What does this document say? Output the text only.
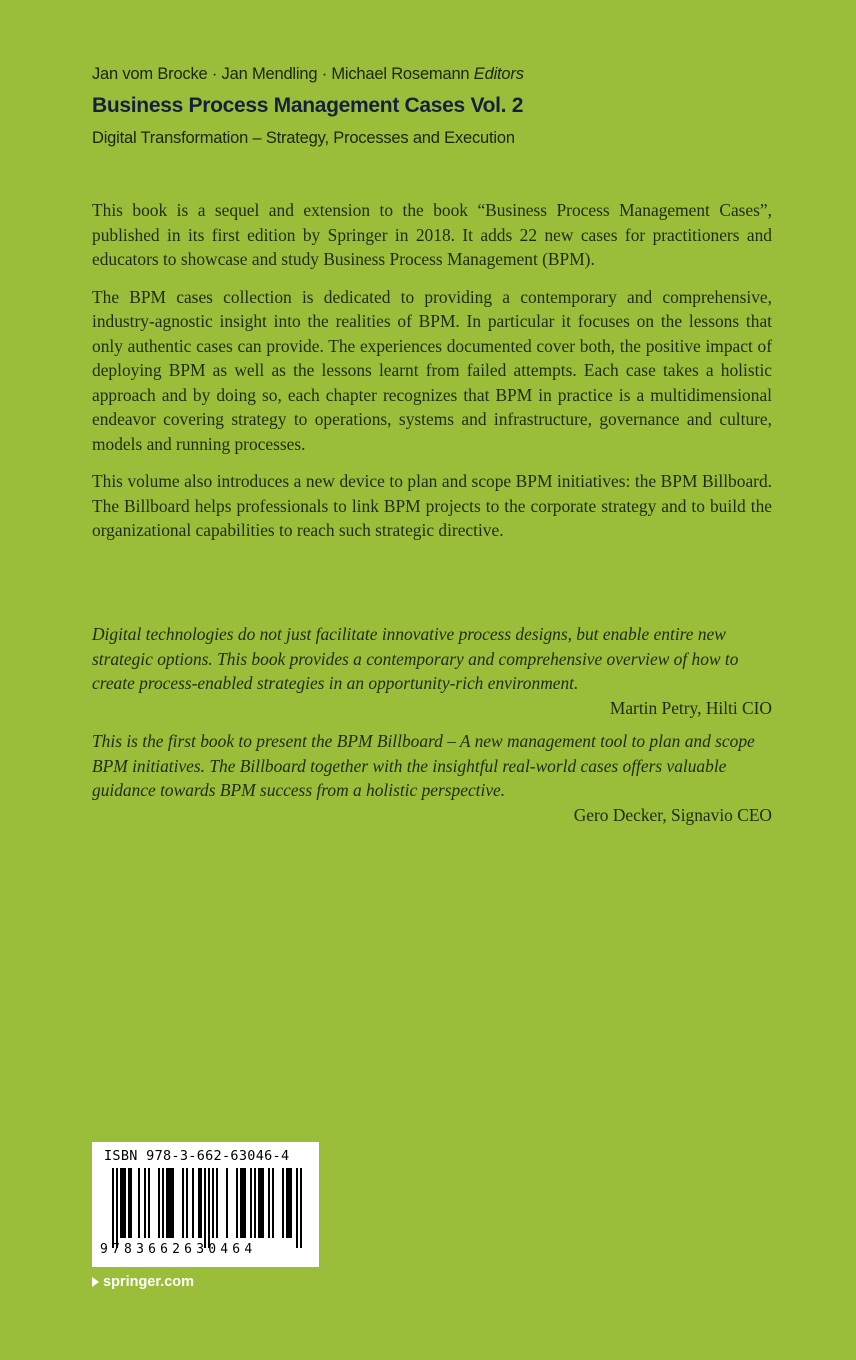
Jan vom Brocke · Jan Mendling · Michael Rosemann Editors
Business Process Management Cases Vol. 2
Digital Transformation – Strategy, Processes and Execution

This book is a sequel and extension to the book “Business Process Management Cases”, published in its first edition by Springer in 2018. It adds 22 new cases for practitioners and educators to showcase and study Business Process Management (BPM).

The BPM cases collection is dedicated to providing a contemporary and comprehensive, industry-agnostic insight into the realities of BPM. In particular it focuses on the lessons that only authentic cases can provide. The experiences documented cover both, the positive impact of deploying BPM as well as the lessons learnt from failed attempts. Each case takes a holistic approach and by doing so, each chapter recognizes that BPM in practice is a multidimensional endeavor covering strategy to operations, systems and infrastructure, governance and culture, models and running processes.

This volume also introduces a new device to plan and scope BPM initiatives: the BPM Billboard. The Billboard helps professionals to link BPM projects to the corporate strategy and to build the organizational capabilities to reach such strategic directive.

Digital technologies do not just facilitate innovative process designs, but enable entire new strategic options. This book provides a contemporary and comprehensive overview of how to create process-enabled strategies in an opportunity-rich environment.
Martin Petry, Hilti CIO
This is the first book to present the BPM Billboard – A new management tool to plan and scope BPM initiatives. The Billboard together with the insightful real-world cases offers valuable guidance towards BPM success from a holistic perspective.
Gero Decker, Signavio CEO
ISBN 978-3-662-63046-4
9783662630464
springer.com
